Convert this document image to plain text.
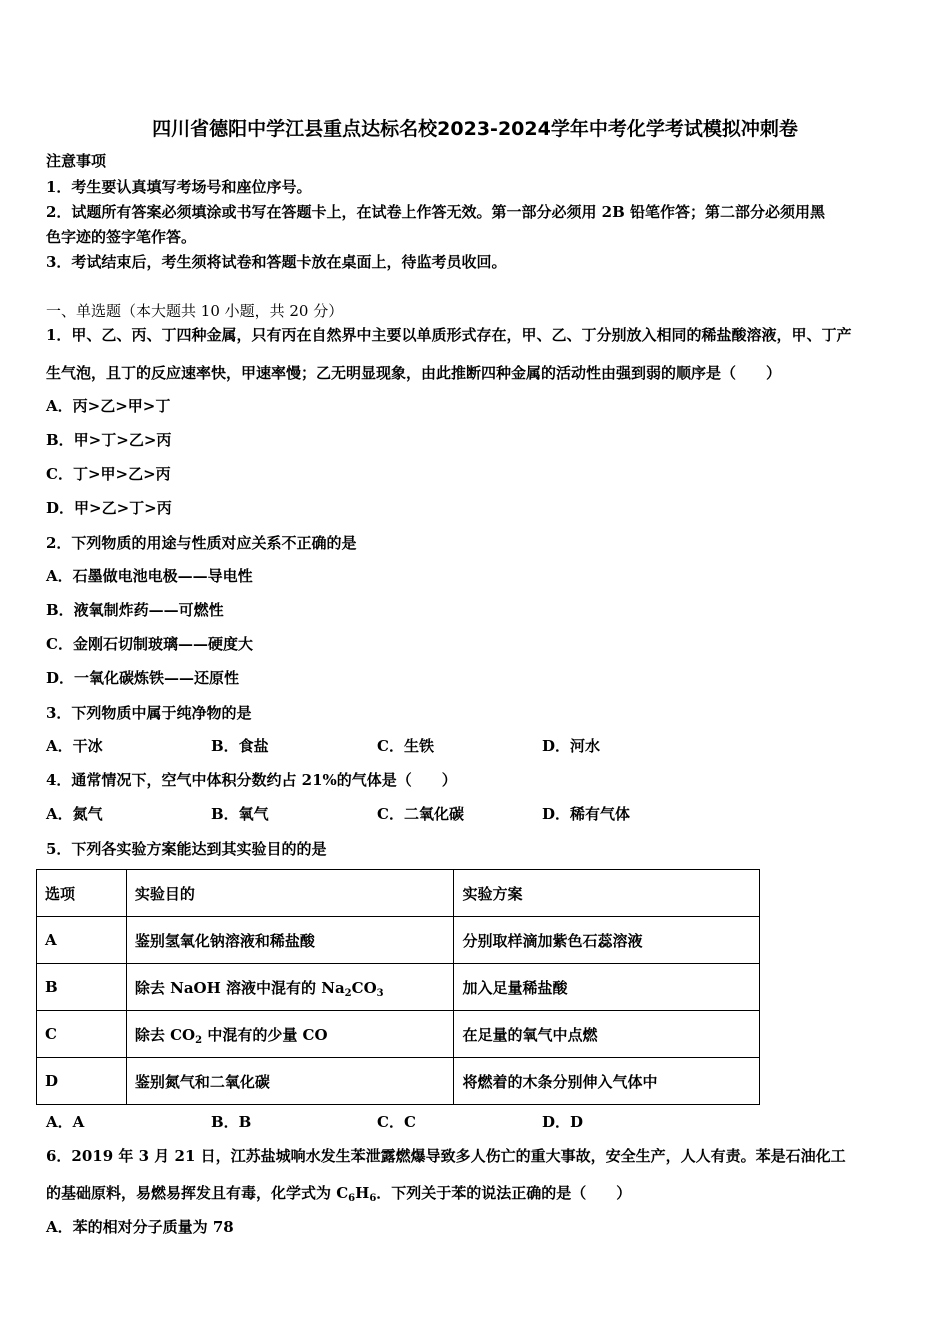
四川省德阳中学江县重点达标名校2023-2024学年中考化学考试模拟冲刺卷
注意事项
1．考生要认真填写考场号和座位序号。
2．试题所有答案必须填涂或书写在答题卡上，在试卷上作答无效。第一部分必须用 2B 铅笔作答；第二部分必须用黑
色字迹的签字笔作答。
3．考试结束后，考生须将试卷和答题卡放在桌面上，待监考员收回。
一、单选题（本大题共 10 小题，共 20 分）
1．甲、乙、丙、丁四种金属，只有丙在自然界中主要以单质形式存在，甲、乙、丁分别放入相同的稀盐酸溶液，甲、丁产
生气泡，且丁的反应速率快，甲速率慢；乙无明显现象，由此推断四种金属的活动性由强到弱的顺序是（　　）
A．丙>乙>甲>丁
B．甲>丁>乙>丙
C．丁>甲>乙>丙
D．甲>乙>丁>丙
2．下列物质的用途与性质对应关系不正确的是
A．石墨做电池电极——导电性
B．液氧制炸药——可燃性
C．金刚石切制玻璃——硬度大
D．一氧化碳炼铁——还原性
3．下列物质中属于纯净物的是
A．干冰	B．食盐	C．生铁	D．河水
4．通常情况下，空气中体积分数约占 21%的气体是（　　）
A．氮气	B．氧气	C．二氧化碳	D．稀有气体
5．下列各实验方案能达到其实验目的的是
选项	实验目的	实验方案
A	鉴别氢氧化钠溶液和稀盐酸	分别取样滴加紫色石蕊溶液
B	除去 NaOH 溶液中混有的 $Na_2CO_3$	加入足量稀盐酸
C	除去 $CO_2$ 中混有的少量 CO	在足量的氧气中点燃
D	鉴别氮气和二氧化碳	将燃着的木条分别伸入气体中
A．A	B．B	C．C	D．D
6．2019 年 3 月 21 日，江苏盐城响水发生苯泄露燃爆导致多人伤亡的重大事故，安全生产，人人有责。苯是石油化工
的基础原料，易燃易挥发且有毒，化学式为 $C_6H_6$．下列关于苯的说法正确的是（　　）
A．苯的相对分子质量为 78
